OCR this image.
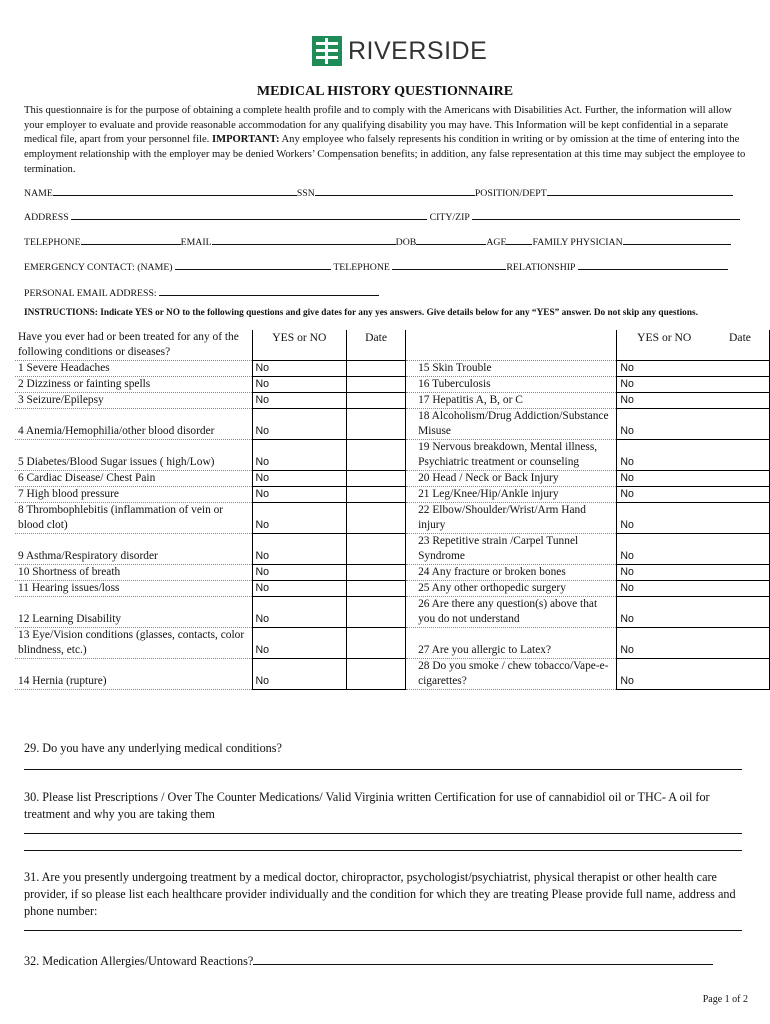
RIVERSIDE
MEDICAL HISTORY QUESTIONNAIRE
This questionnaire is for the purpose of obtaining a complete health profile and to comply with the Americans with Disabilities Act. Further, the information will allow your employer to evaluate and provide reasonable accommodation for any qualifying disability you may have. This Information will be kept confidential in a separate medical file, apart from your personnel file. IMPORTANT: Any employee who falsely represents his condition in writing or by omission at the time of entering into the employment relationship with the employer may be denied Workers’ Compensation benefits; in addition, any false representation at this time may subject the employee to termination.
NAME	SSN	POSITION/DEPT
ADDRESS	CITY/ZIP
TELEPHONE	EMAIL	DOB	AGE	FAMILY PHYSICIAN
EMERGENCY CONTACT: (NAME)	TELEPHONE	RELATIONSHIP
PERSONAL EMAIL ADDRESS:
INSTRUCTIONS: Indicate YES or NO to the following questions and give dates for any yes answers. Give details below for any “YES” answer. Do not skip any questions.
Have you ever had or been treated for any of the following conditions or diseases?	YES or NO	Date		YES or NO	Date
1 Severe Headaches	No		15 Skin Trouble	No	
2 Dizziness or fainting spells	No		16 Tuberculosis	No	
3 Seizure/Epilepsy	No		17 Hepatitis A, B, or C	No	
4 Anemia/Hemophilia/other blood disorder	No		18 Alcoholism/Drug Addiction/Substance Misuse	No	
5 Diabetes/Blood Sugar issues ( high/Low)	No		19 Nervous breakdown, Mental illness, Psychiatric treatment or counseling	No	
6 Cardiac Disease/ Chest Pain	No		20 Head / Neck or Back Injury	No	
7 High blood pressure	No		21 Leg/Knee/Hip/Ankle injury	No	
8 Thrombophlebitis (inflammation of vein or blood clot)	No		22 Elbow/Shoulder/Wrist/Arm Hand injury	No	
9 Asthma/Respiratory disorder	No		23 Repetitive strain /Carpel Tunnel Syndrome	No	
10 Shortness of breath	No		24 Any fracture or broken bones	No	
11 Hearing issues/loss	No		25 Any other orthopedic surgery	No	
12 Learning Disability	No		26 Are there any question(s) above that you do not understand	No	
13 Eye/Vision conditions (glasses, contacts, color blindness, etc.)	No		27 Are you allergic to Latex?	No	
14 Hernia (rupture)	No		28 Do you smoke / chew tobacco/Vape-e-cigarettes?	No	
29. Do you have any underlying medical conditions?
30. Please list Prescriptions / Over The Counter Medications/ Valid Virginia written Certification for use of cannabidiol oil or THC- A oil for treatment and why you are taking them
31. Are you presently undergoing treatment by a medical doctor, chiropractor, psychologist/psychiatrist, physical therapist or other health care provider, if so please list each healthcare provider individually and the condition for which they are treating Please provide full name, address and phone number:
32. Medication Allergies/Untoward Reactions?
Page 1 of 2
